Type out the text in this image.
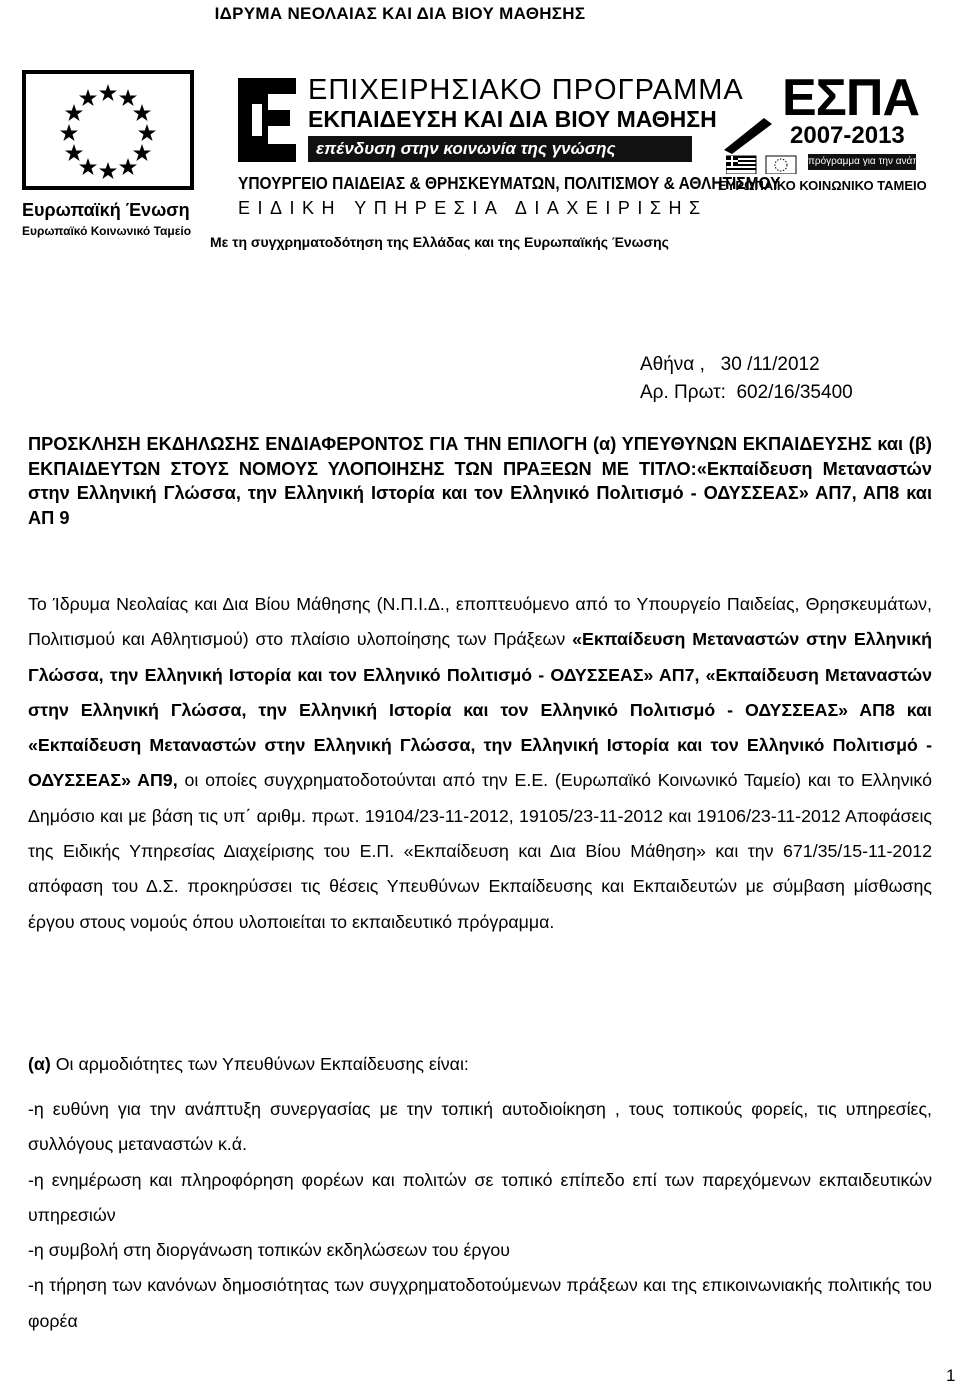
ΙΔΡΥΜΑ ΝΕΟΛΑΙΑΣ ΚΑΙ ΔΙΑ ΒΙΟΥ ΜΑΘΗΣΗΣ
Ευρωπαϊκή Ένωση
Ευρωπαϊκό Κοινωνικό Ταμείο
ΕΠΙΧΕΙΡΗΣΙΑΚΟ ΠΡΟΓΡΑΜΜΑ
ΕΚΠΑΙΔΕΥΣΗ ΚΑΙ ΔΙΑ ΒΙΟΥ ΜΑΘΗΣΗ
επένδυση στην κοινωνία της γνώσης
ΥΠΟΥΡΓΕΙΟ ΠΑΙΔΕΙΑΣ & ΘΡΗΣΚΕΥΜΑΤΩΝ, ΠΟΛΙΤΙΣΜΟΥ & ΑΘΛΗΤΙΣΜΟΥ
ΕΙΔΙΚΗ ΥΠΗΡΕΣΙΑ ΔΙΑΧΕΙΡΙΣΗΣ
Με τη συγχρηματοδότηση της Ελλάδας και της Ευρωπαϊκής Ένωσης
ΕΣΠΑ
2007-2013
πρόγραμμα για την ανάπτυξη
ΕΥΡΩΠΑΪΚΟ ΚΟΙΝΩΝΙΚΟ ΤΑΜΕΙΟ
Αθήνα ,   30 /11/2012
Αρ. Πρωτ:  602/16/35400
ΠΡΟΣΚΛΗΣΗ ΕΚΔΗΛΩΣΗΣ ΕΝΔΙΑΦΕΡΟΝΤΟΣ ΓΙΑ ΤΗΝ ΕΠΙΛΟΓΗ (α) ΥΠΕΥΘΥΝΩΝ ΕΚΠΑΙΔΕΥΣΗΣ και (β) ΕΚΠΑΙΔΕΥΤΩΝ ΣΤΟΥΣ ΝΟΜΟΥΣ ΥΛΟΠΟΙΗΣΗΣ ΤΩΝ ΠΡΑΞΕΩΝ ΜΕ ΤΙΤΛΟ:«Εκπαίδευση Μεταναστών στην Ελληνική Γλώσσα, την Ελληνική Ιστορία και τον Ελληνικό Πολιτισμό - ΟΔΥΣΣΕΑΣ» ΑΠ7, ΑΠ8 και ΑΠ 9
Το Ίδρυμα Νεολαίας και Δια Βίου Μάθησης (Ν.Π.Ι.Δ., εποπτευόμενο από το Υπουργείο Παιδείας, Θρησκευμάτων, Πολιτισμού και Αθλητισμού) στο πλαίσιο υλοποίησης των Πράξεων «Εκπαίδευση Μεταναστών στην Ελληνική Γλώσσα, την Ελληνική Ιστορία και τον Ελληνικό Πολιτισμό - ΟΔΥΣΣΕΑΣ» ΑΠ7, «Εκπαίδευση Μεταναστών στην Ελληνική Γλώσσα, την Ελληνική Ιστορία και τον Ελληνικό Πολιτισμό - ΟΔΥΣΣΕΑΣ» ΑΠ8 και «Εκπαίδευση Μεταναστών στην Ελληνική Γλώσσα, την Ελληνική Ιστορία και τον Ελληνικό Πολιτισμό - ΟΔΥΣΣΕΑΣ» ΑΠ9, οι οποίες συγχρηματοδοτούνται από την Ε.Ε. (Ευρωπαϊκό Κοινωνικό Ταμείο) και το Ελληνικό Δημόσιο και με βάση τις υπ΄ αριθμ. πρωτ. 19104/23-11-2012, 19105/23-11-2012 και 19106/23-11-2012 Αποφάσεις της Ειδικής Υπηρεσίας Διαχείρισης του Ε.Π. «Εκπαίδευση και Δια Βίου Μάθηση» και την 671/35/15-11-2012 απόφαση του Δ.Σ. προκηρύσσει τις θέσεις Υπευθύνων Εκπαίδευσης και Εκπαιδευτών με σύμβαση μίσθωσης έργου στους νομούς όπου υλοποιείται το εκπαιδευτικό πρόγραμμα.
(α) Οι αρμοδιότητες των Υπευθύνων Εκπαίδευσης είναι:
-η ευθύνη για την ανάπτυξη συνεργασίας με την τοπική αυτοδιοίκηση , τους τοπικούς φορείς, τις υπηρεσίες, συλλόγους μεταναστών κ.ά.
-η ενημέρωση και πληροφόρηση φορέων και πολιτών σε τοπικό επίπεδο επί των παρεχόμενων εκπαιδευτικών υπηρεσιών
-η συμβολή στη διοργάνωση τοπικών εκδηλώσεων του έργου
-η τήρηση των κανόνων δημοσιότητας των συγχρηματοδοτούμενων πράξεων και της επικοινωνιακής πολιτικής του φορέα
1
